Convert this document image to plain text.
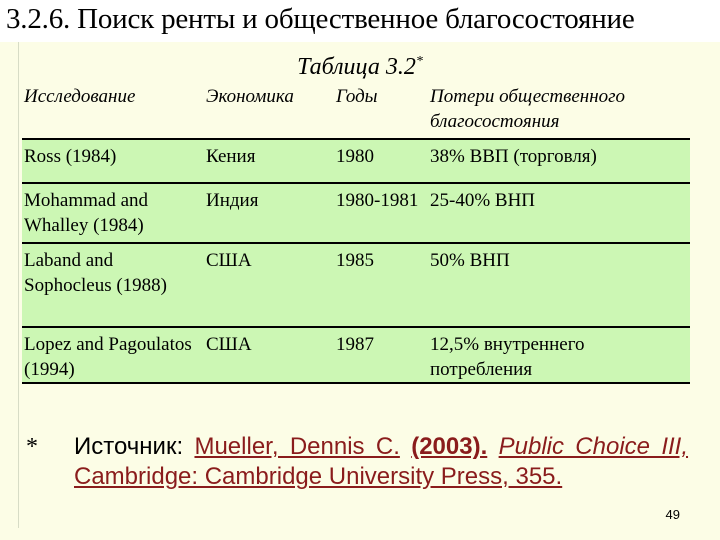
3.2.6. Поиск ренты и общественное благосостояние
Таблица 3.2*
Исследование	Экономика	Годы	Потери общественного благосостояния
Ross (1984)	Кения	1980	38% ВВП (торговля)
Mohammad and Whalley (1984)	Индия	1980-1981	25-40% ВНП
Laband and Sophocleus (1988)	США	1985	50% ВНП
Lopez and Pagoulatos (1994)	США	1987	12,5% внутреннего потребления
* Источник: Mueller, Dennis C. (2003). Public Choice III, Cambridge: Cambridge University Press, 355.
49
